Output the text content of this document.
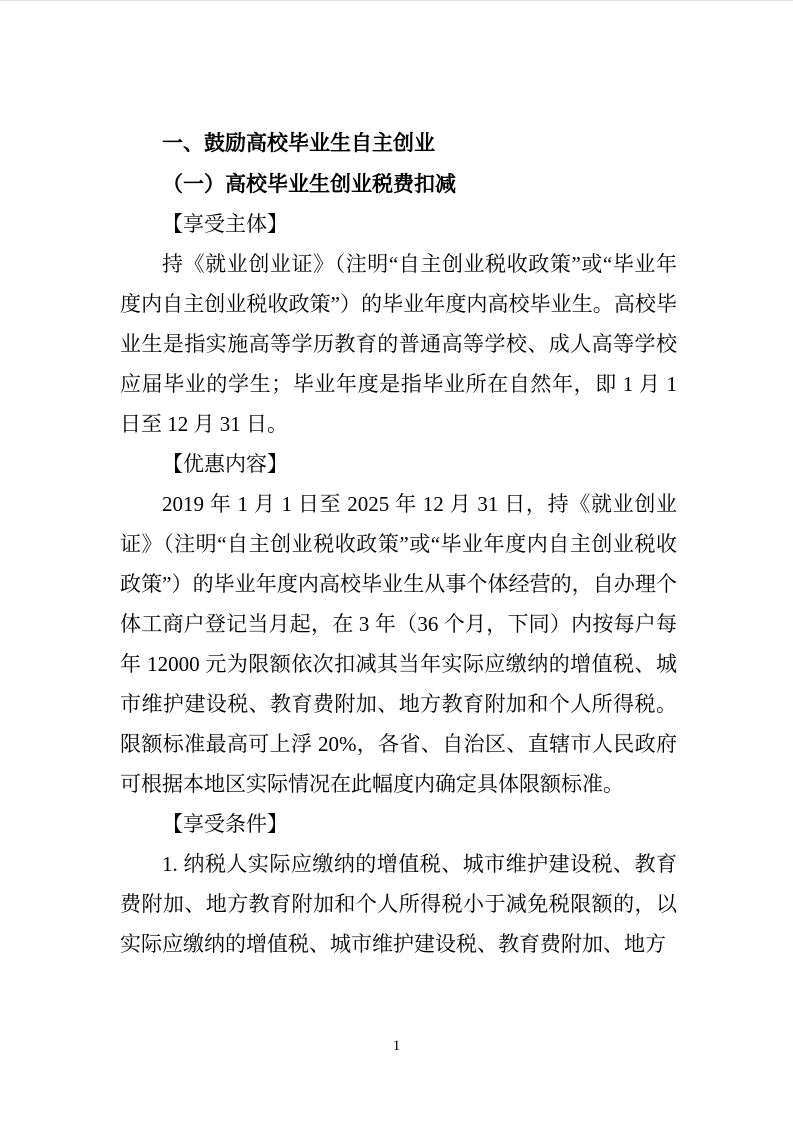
一、鼓励高校毕业生自主创业
（一）高校毕业生创业税费扣减
【享受主体】

持《就业创业证》（注明“自主创业税收政策”或“毕业年度内自主创业税收政策”）的毕业年度内高校毕业生。高校毕业生是指实施高等学历教育的普通高等学校、成人高等学校应届毕业的学生；毕业年度是指毕业所在自然年，即 1 月 1 日至 12 月 31 日。

【优惠内容】

2019 年 1 月 1 日至 2025 年 12 月 31 日，持《就业创业证》（注明“自主创业税收政策”或“毕业年度内自主创业税收政策”）的毕业年度内高校毕业生从事个体经营的，自办理个体工商户登记当月起，在 3 年（36 个月，下同）内按每户每年 12000 元为限额依次扣减其当年实际应缴纳的增值税、城市维护建设税、教育费附加、地方教育附加和个人所得税。限额标准最高可上浮 20%，各省、自治区、直辖市人民政府可根据本地区实际情况在此幅度内确定具体限额标准。

【享受条件】

1. 纳税人实际应缴纳的增值税、城市维护建设税、教育费附加、地方教育附加和个人所得税小于减免税限额的，以实际应缴纳的增值税、城市维护建设税、教育费附加、地方

1
